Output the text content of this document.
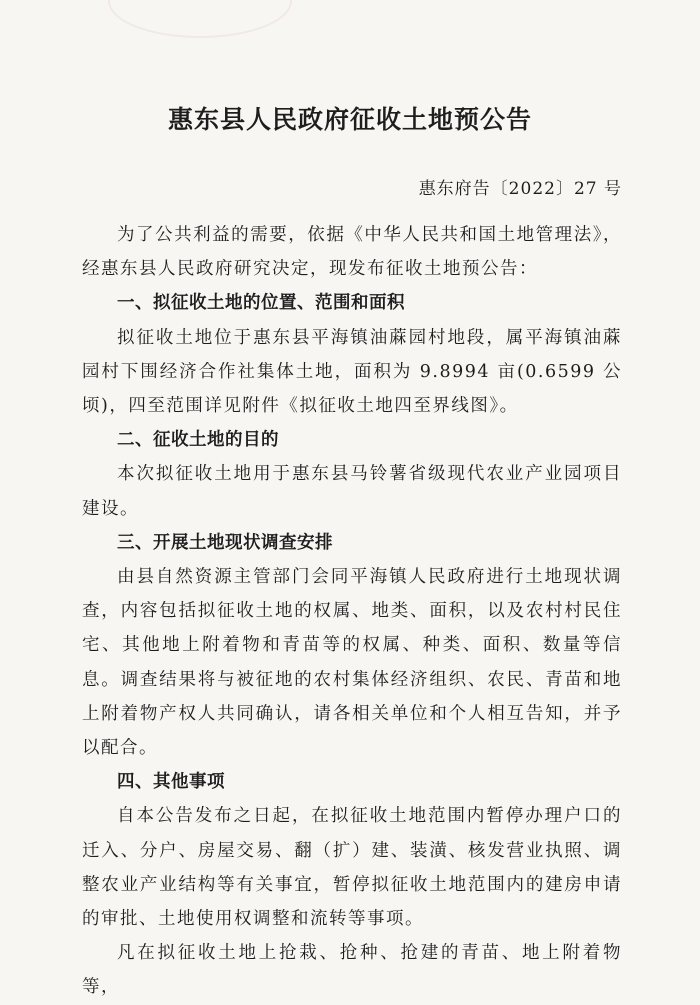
惠东县人民政府征收土地预公告
惠东府告〔2022〕27 号

为了公共利益的需要，依据《中华人民共和国土地管理法》，经惠东县人民政府研究决定，现发布征收土地预公告：

一、拟征收土地的位置、范围和面积

拟征收土地位于惠东县平海镇油蔴园村地段，属平海镇油蔴园村下围经济合作社集体土地，面积为 9.8994 亩(0.6599 公顷)，四至范围详见附件《拟征收土地四至界线图》。

二、征收土地的目的

本次拟征收土地用于惠东县马铃薯省级现代农业产业园项目建设。

三、开展土地现状调查安排

由县自然资源主管部门会同平海镇人民政府进行土地现状调查，内容包括拟征收土地的权属、地类、面积，以及农村村民住宅、其他地上附着物和青苗等的权属、种类、面积、数量等信息。调查结果将与被征地的农村集体经济组织、农民、青苗和地上附着物产权人共同确认，请各相关单位和个人相互告知，并予以配合。

四、其他事项

自本公告发布之日起，在拟征收土地范围内暂停办理户口的迁入、分户、房屋交易、翻（扩）建、装潢、核发营业执照、调整农业产业结构等有关事宜，暂停拟征收土地范围内的建房申请的审批、土地使用权调整和流转等事项。

凡在拟征收土地上抢栽、抢种、抢建的青苗、地上附着物等，
